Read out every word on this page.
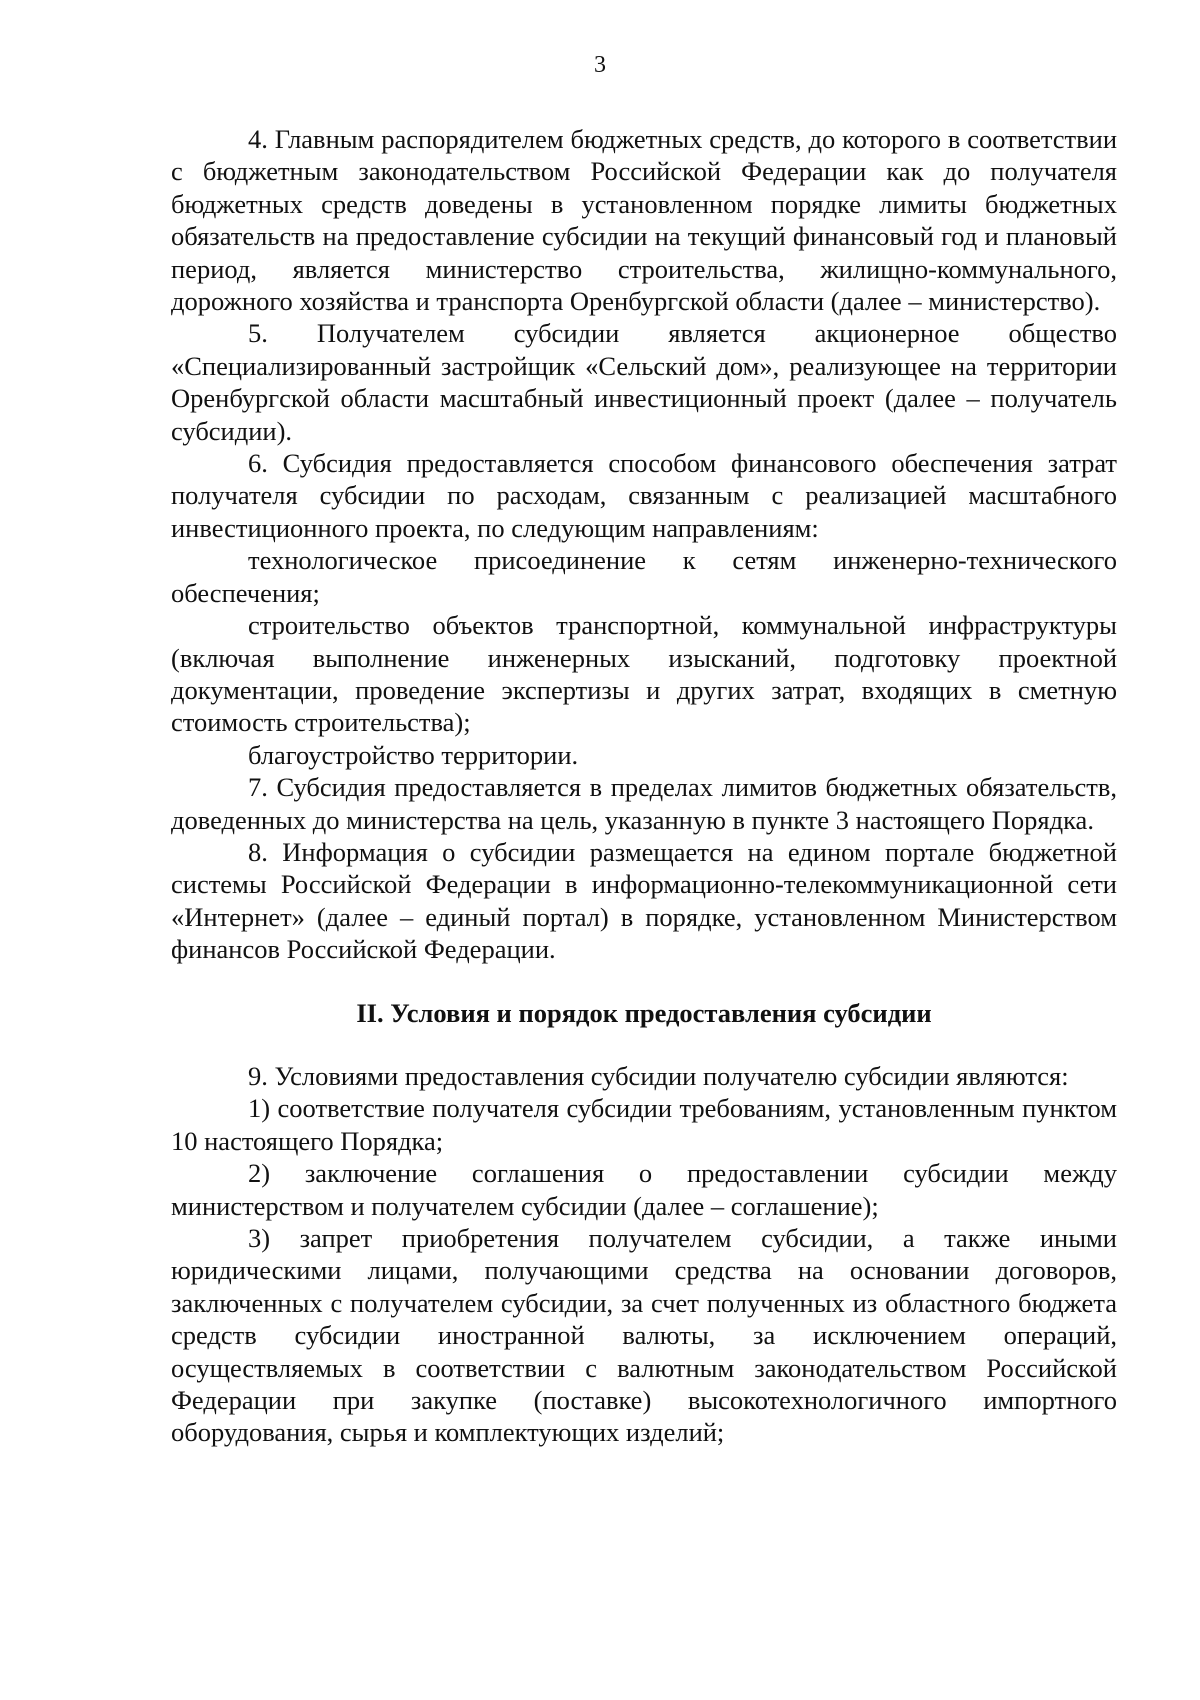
3

4. Главным распорядителем бюджетных средств, до которого в соответствии с бюджетным законодательством Российской Федерации как до получателя бюджетных средств доведены в установленном порядке лимиты бюджетных обязательств на предоставление субсидии на текущий финансовый год и плановый период, является министерство строительства, жилищно-коммунального, дорожного хозяйства и транспорта Оренбургской области (далее – министерство).

5. Получателем субсидии является акционерное общество «Специализированный застройщик «Сельский дом», реализующее на территории Оренбургской области масштабный инвестиционный проект (далее – получатель субсидии).

6. Субсидия предоставляется способом финансового обеспечения затрат получателя субсидии по расходам, связанным с реализацией масштабного инвестиционного проекта, по следующим направлениям:

технологическое присоединение к сетям инженерно-технического обеспечения;

строительство объектов транспортной, коммунальной инфраструктуры (включая выполнение инженерных изысканий, подготовку проектной документации, проведение экспертизы и других затрат, входящих в сметную стоимость строительства);

благоустройство территории.

7. Субсидия предоставляется в пределах лимитов бюджетных обязательств, доведенных до министерства на цель, указанную в пункте 3 настоящего Порядка.

8. Информация о субсидии размещается на едином портале бюджетной системы Российской Федерации в информационно-телекоммуникационной сети «Интернет» (далее – единый портал) в порядке, установленном Министерством финансов Российской Федерации.

II. Условия и порядок предоставления субсидии

9. Условиями предоставления субсидии получателю субсидии являются:

1) соответствие получателя субсидии требованиям, установленным пунктом 10 настоящего Порядка;

2) заключение соглашения о предоставлении субсидии между министерством и получателем субсидии (далее – соглашение);

3) запрет приобретения получателем субсидии, а также иными юридическими лицами, получающими средства на основании договоров, заключенных с получателем субсидии, за счет полученных из областного бюджета средств субсидии иностранной валюты, за исключением операций, осуществляемых в соответствии с валютным законодательством Российской Федерации при закупке (поставке) высокотехнологичного импортного оборудования, сырья и комплектующих изделий;
